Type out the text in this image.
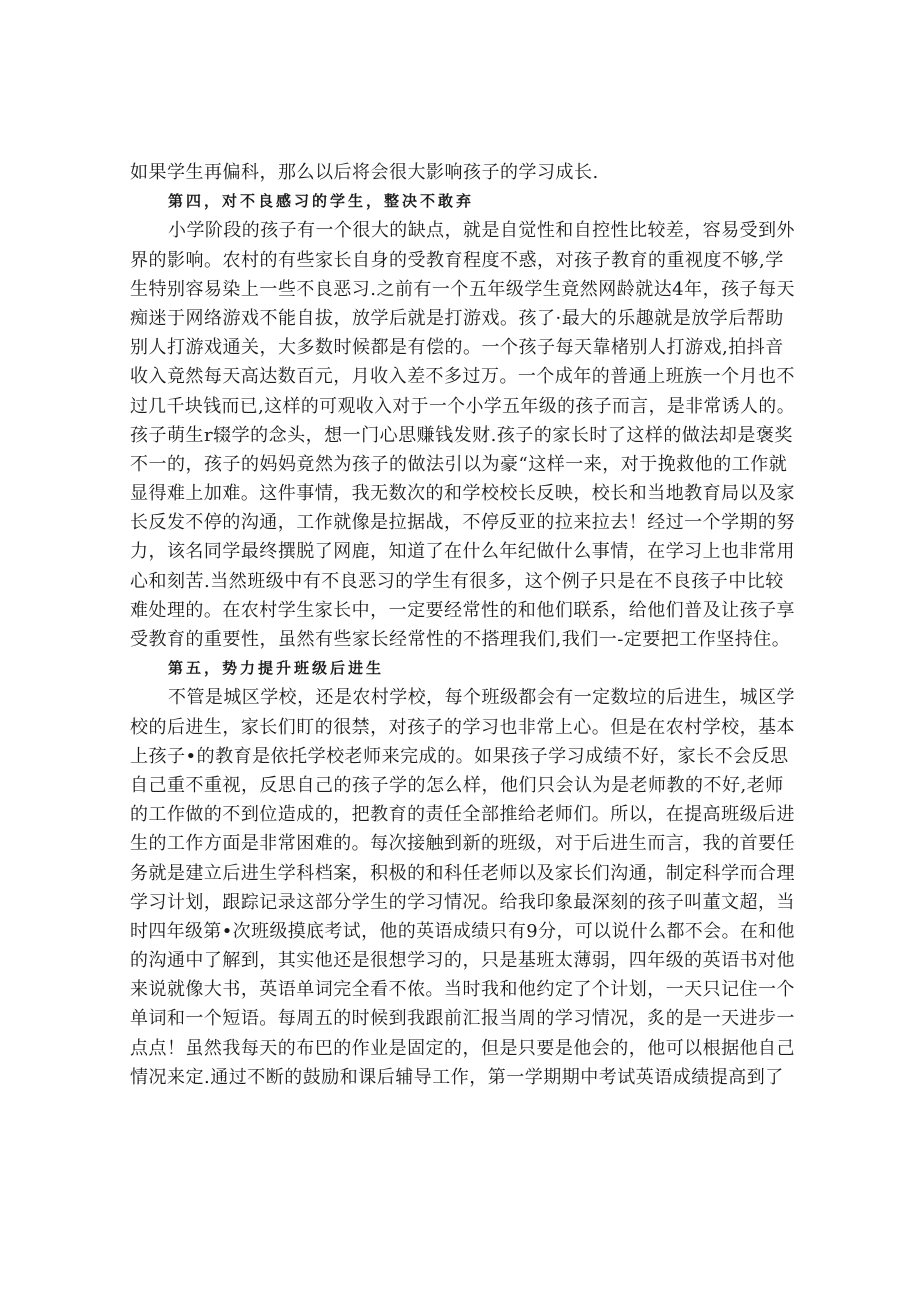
如果学生再偏科，那么以后将会很大影响孩子的学习成长.
第四，对不良感习的学生，整决不敢弃
小学阶段的孩子有一个很大的缺点，就是自觉性和自控性比较差，容易受到外
界的影响。农村的有些家长自身的受教育程度不惑，对孩子教育的重视度不够,学
生特别容易染上一些不良恶习.之前有一个五年级学生竟然网龄就达4年，孩子每天
痴迷于网络游戏不能自拔，放学后就是打游戏。孩了·最大的乐趣就是放学后帮助
别人打游戏通关，大多数时候都是有偿的。一个孩子每天靠楮别人打游戏,拍抖音
收入竟然每天高达数百元，月收入差不多过万。一个成年的普通上班族一个月也不
过几千块钱而已,这样的可观收入对于一个小学五年级的孩子而言，是非常诱人的。
孩子萌生r辍学的念头，想一门心思赚钱发财.孩子的家长时了这样的做法却是褒奖
不一的，孩子的妈妈竟然为孩子的做法引以为豪“这样一来，对于挽救他的工作就
显得难上加难。这件事情，我无数次的和学校校长反映，校长和当地教育局以及家
长反发不停的沟通，工作就像是拉据战，不停反亚的拉来拉去！经过一个学期的努
力，该名同学最终撰脱了网鹿，知道了在什么年纪做什么事情，在学习上也非常用
心和刻苦.当然班级中有不良恶习的学生有很多，这个例子只是在不良孩子中比较
难处理的。在农村学生家长中，一定要经常性的和他们联系，给他们普及让孩子享
受教育的重要性，虽然有些家长经常性的不搭理我们,我们一-定要把工作坚持住。
第五，势力提升班级后进生
不管是城区学校，还是农村学校，每个班级都会有一定数垃的后进生，城区学
校的后进生，家长们盯的很禁，对孩子的学习也非常上心。但是在农村学校，基本
上孩子•的教育是依托学校老师来完成的。如果孩子学习成绩不好，家长不会反思
自己重不重视，反思自己的孩子学的怎么样，他们只会认为是老师教的不好,老师
的工作做的不到位造成的，把教育的责任全部推给老师们。所以，在提高班级后进
生的工作方面是非常困难的。每次接触到新的班级，对于后进生而言，我的首要任
务就是建立后进生学科档案，积极的和科任老师以及家长们沟通，制定科学而合理
学习计划，跟踪记录这部分学生的学习情况。给我印象最深刻的孩子叫董文超，当
时四年级第•次班级摸底考试，他的英语成绩只有9分，可以说什么都不会。在和他
的沟通中了解到，其实他还是很想学习的，只是基班太薄弱，四年级的英语书对他
来说就像大书，英语单词完全看不侬。当时我和他约定了个计划，一天只记住一个
单词和一个短语。每周五的时候到我跟前汇报当周的学习情况，炙的是一天进步一
点点！虽然我每天的布巴的作业是固定的，但是只要是他会的，他可以根据他自己
情况来定.通过不断的鼓励和课后辅导工作，第一学期期中考试英语成绩提高到了
